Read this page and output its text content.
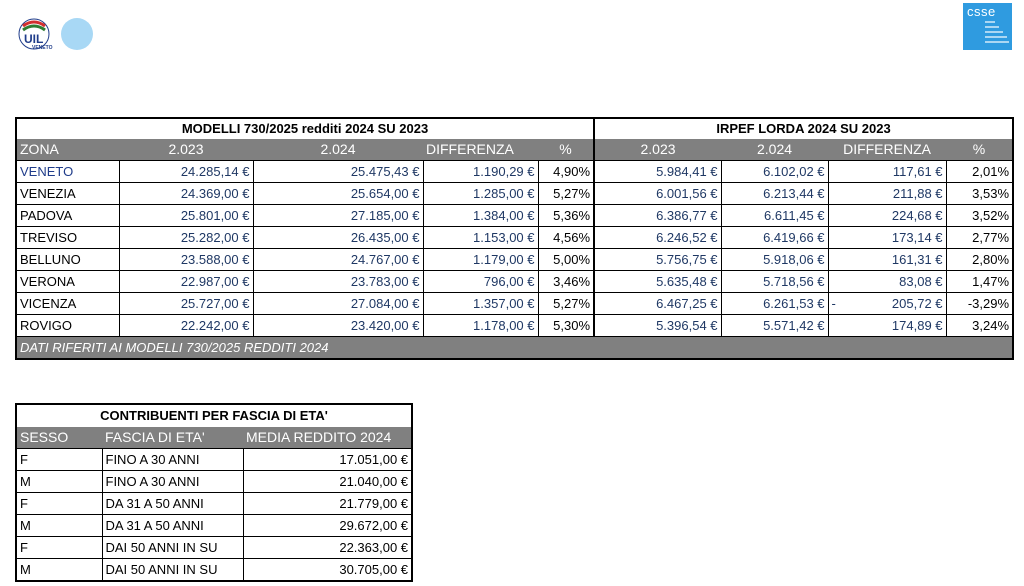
UIL
VENETO
csse
MODELLI 730/2025 redditi 2024 SU 2023					IRPEF LORDA 2024 SU 2023			
ZONA	2.023	2.024	DIFFERENZA	%	2.023	2.024	DIFFERENZA	%
VENETO	24.285,14 €	25.475,43 €	1.190,29 €	4,90%	5.984,41 €	6.102,02 €	117,61 €	2,01%
VENEZIA	24.369,00 €	25.654,00 €	1.285,00 €	5,27%	6.001,56 €	6.213,44 €	211,88 €	3,53%
PADOVA	25.801,00 €	27.185,00 €	1.384,00 €	5,36%	6.386,77 €	6.611,45 €	224,68 €	3,52%
TREVISO	25.282,00 €	26.435,00 €	1.153,00 €	4,56%	6.246,52 €	6.419,66 €	173,14 €	2,77%
BELLUNO	23.588,00 €	24.767,00 €	1.179,00 €	5,00%	5.756,75 €	5.918,06 €	161,31 €	2,80%
VERONA	22.987,00 €	23.783,00 €	796,00 €	3,46%	5.635,48 €	5.718,56 €	83,08 €	1,47%
VICENZA	25.727,00 €	27.084,00 €	1.357,00 €	5,27%	6.467,25 €	6.261,53 €	- 205,72 €	-3,29%
ROVIGO	22.242,00 €	23.420,00 €	1.178,00 €	5,30%	5.396,54 €	5.571,42 €	174,89 €	3,24%
DATI RIFERITI AI MODELLI 730/2025 REDDITI 2024								
CONTRIBUENTI PER FASCIA DI ETA'		
SESSO	FASCIA DI ETA'	MEDIA REDDITO 2024
F	FINO A 30 ANNI	17.051,00 €
M	FINO A 30 ANNI	21.040,00 €
F	DA 31 A 50 ANNI	21.779,00 €
M	DA 31 A 50 ANNI	29.672,00 €
F	DAI 50 ANNI IN SU	22.363,00 €
M	DAI 50 ANNI IN SU	30.705,00 €
